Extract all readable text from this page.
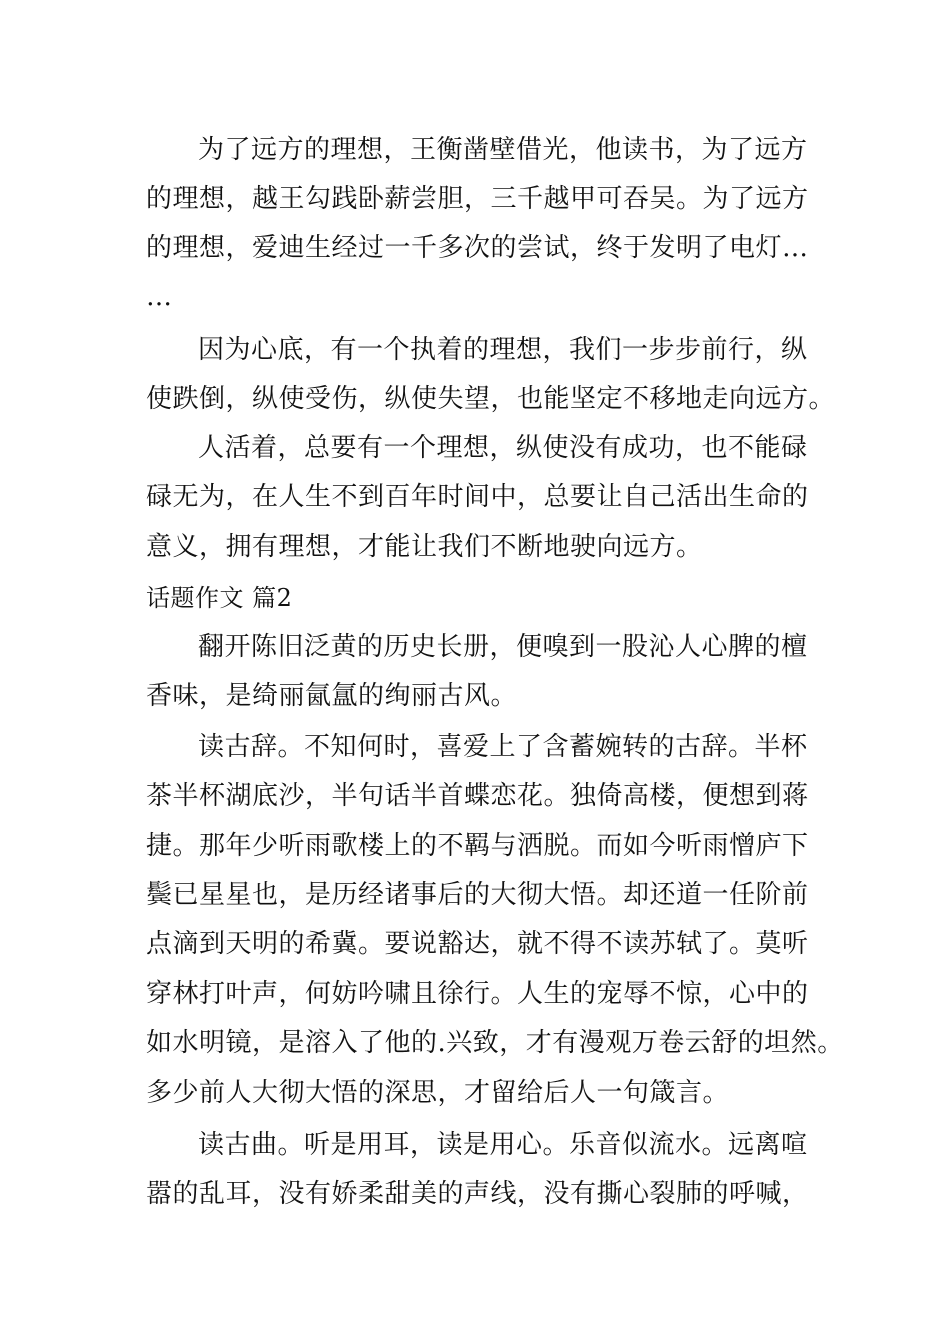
为了远方的理想，王衡凿壁借光，他读书，为了远方
的理想，越王勾践卧薪尝胆，三千越甲可吞吴。为了远方
的理想，爱迪生经过一千多次的尝试，终于发明了电灯…
…
因为心底，有一个执着的理想，我们一步步前行，纵
使跌倒，纵使受伤，纵使失望，也能坚定不移地走向远方。
人活着，总要有一个理想，纵使没有成功，也不能碌
碌无为，在人生不到百年时间中，总要让自己活出生命的
意义，拥有理想，才能让我们不断地驶向远方。
话题作文 篇2
翻开陈旧泛黄的历史长册，便嗅到一股沁人心脾的檀
香味，是绮丽氤氲的绚丽古风。
读古辞。不知何时，喜爱上了含蓄婉转的古辞。半杯
茶半杯湖底沙，半句话半首蝶恋花。独倚高楼，便想到蒋
捷。那年少听雨歌楼上的不羁与洒脱。而如今听雨憎庐下
鬓已星星也，是历经诸事后的大彻大悟。却还道一任阶前
点滴到天明的希冀。要说豁达，就不得不读苏轼了。莫听
穿林打叶声，何妨吟啸且徐行。人生的宠辱不惊，心中的
如水明镜，是溶入了他的.兴致，才有漫观万卷云舒的坦然。
多少前人大彻大悟的深思，才留给后人一句箴言。
读古曲。听是用耳，读是用心。乐音似流水。远离喧
嚣的乱耳，没有娇柔甜美的声线，没有撕心裂肺的呼喊，
